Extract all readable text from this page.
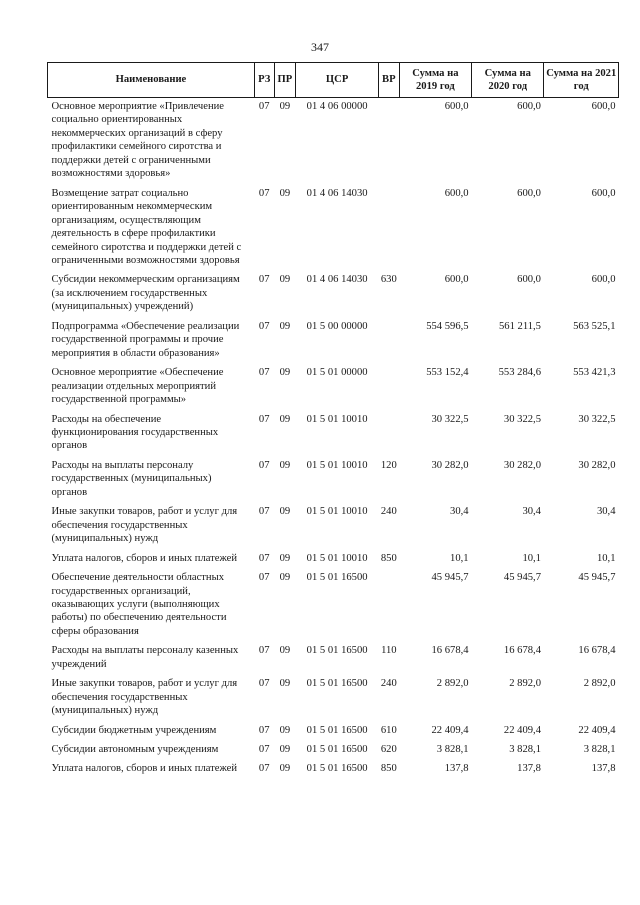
347
Наименование	РЗ	ПР	ЦСР	ВР	Сумма на 2019 год	Сумма на 2020 год	Сумма на 2021 год
Основное мероприятие «Привлечение социально ориентированных некоммерческих организаций в сферу профилактики семейного сиротства и поддержки детей с ограниченными возможностями здоровья»	07	09	01 4 06 00000		600,0	600,0	600,0
Возмещение затрат социально ориентированным некоммерческим организациям, осуществляющим деятельность в сфере профилактики семейного сиротства и поддержки детей с ограниченными возможностями здоровья	07	09	01 4 06 14030		600,0	600,0	600,0
Субсидии некоммерческим организациям (за исключением государственных (муниципальных) учреждений)	07	09	01 4 06 14030	630	600,0	600,0	600,0
Подпрограмма «Обеспечение реализации государственной программы и прочие мероприятия в области образования»	07	09	01 5 00 00000		554 596,5	561 211,5	563 525,1
Основное мероприятие «Обеспечение реализации отдельных мероприятий государственной программы»	07	09	01 5 01 00000		553 152,4	553 284,6	553 421,3
Расходы на обеспечение функционирования государственных органов	07	09	01 5 01 10010		30 322,5	30 322,5	30 322,5
Расходы на выплаты персоналу государственных (муниципальных) органов	07	09	01 5 01 10010	120	30 282,0	30 282,0	30 282,0
Иные закупки товаров, работ и услуг для обеспечения государственных (муниципальных) нужд	07	09	01 5 01 10010	240	30,4	30,4	30,4
Уплата налогов, сборов и иных платежей	07	09	01 5 01 10010	850	10,1	10,1	10,1
Обеспечение деятельности областных государственных организаций, оказывающих услуги (выполняющих работы) по обеспечению деятельности сферы образования	07	09	01 5 01 16500		45 945,7	45 945,7	45 945,7
Расходы на выплаты персоналу казенных учреждений	07	09	01 5 01 16500	110	16 678,4	16 678,4	16 678,4
Иные закупки товаров, работ и услуг для обеспечения государственных (муниципальных) нужд	07	09	01 5 01 16500	240	2 892,0	2 892,0	2 892,0
Субсидии бюджетным учреждениям	07	09	01 5 01 16500	610	22 409,4	22 409,4	22 409,4
Субсидии автономным учреждениям	07	09	01 5 01 16500	620	3 828,1	3 828,1	3 828,1
Уплата налогов, сборов и иных платежей	07	09	01 5 01 16500	850	137,8	137,8	137,8
